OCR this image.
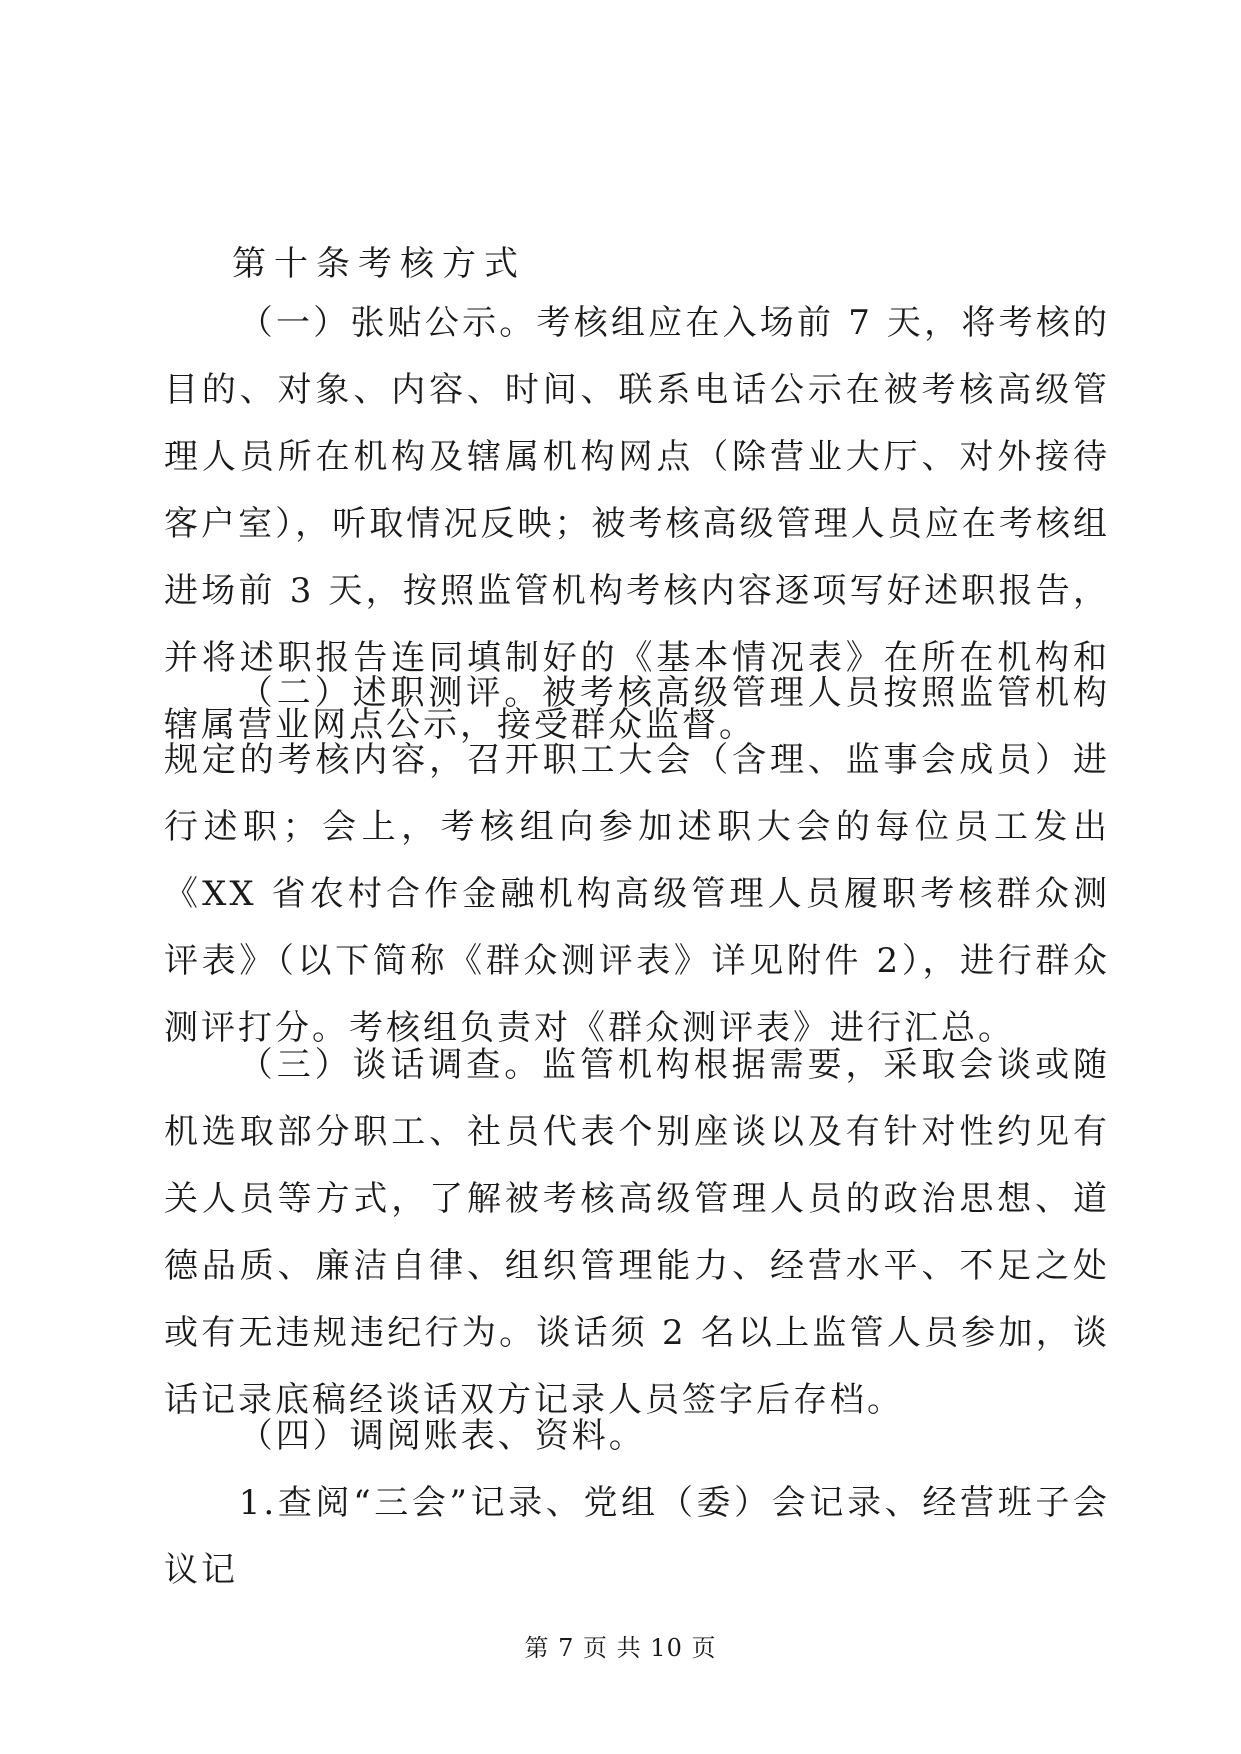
第十条考核方式

（一）张贴公示。考核组应在入场前 7 天，将考核的目的、对象、内容、时间、联系电话公示在被考核高级管理人员所在机构及辖属机构网点（除营业大厅、对外接待客户室），听取情况反映；被考核高级管理人员应在考核组进场前 3 天，按照监管机构考核内容逐项写好述职报告，并将述职报告连同填制好的《基本情况表》在所在机构和辖属营业网点公示，接受群众监督。

（二）述职测评。被考核高级管理人员按照监管机构规定的考核内容，召开职工大会（含理、监事会成员）进行述职；会上，考核组向参加述职大会的每位员工发出《XX 省农村合作金融机构高级管理人员履职考核群众测评表》（以下简称《群众测评表》详见附件 2），进行群众测评打分。考核组负责对《群众测评表》进行汇总。

（三）谈话调查。监管机构根据需要，采取会谈或随机选取部分职工、社员代表个别座谈以及有针对性约见有关人员等方式，了解被考核高级管理人员的政治思想、道德品质、廉洁自律、组织管理能力、经营水平、不足之处或有无违规违纪行为。谈话须 2 名以上监管人员参加，谈话记录底稿经谈话双方记录人员签字后存档。

（四）调阅账表、资料。

1.查阅“三会”记录、党组（委）会记录、经营班子会议记

第 7 页 共 10 页
